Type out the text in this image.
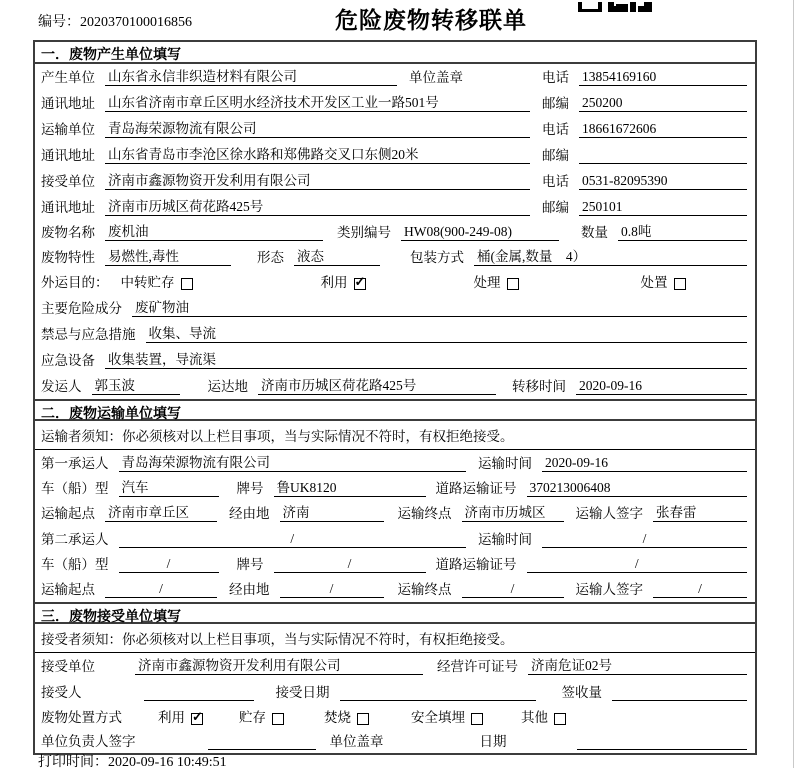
编号：2020370100016856	危险废物转移联单
一．废物产生单位填写
产生单位 山东省永信非织造材料有限公司	单位盖章	电话 13854169160
通讯地址 山东省济南市章丘区明水经济技术开发区工业一路501号	邮编 250200
运输单位 青岛海荣源物流有限公司	电话 18661672606
通讯地址 山东省青岛市李沧区徐水路和郑佛路交叉口东侧20米	邮编
接受单位 济南市鑫源物资开发利用有限公司	电话 0531-82095390
通讯地址 济南市历城区荷花路425号	邮编 250101
废物名称 废机油	类别编号 HW08(900-249-08)	数量 0.8吨
废物特性 易燃性,毒性	形态 液态	包装方式 桶(金属,数量　4）
外运目的： 中转贮存	利用 ✓	处理	处置
主要危险成分 废矿物油
禁忌与应急措施 收集、导流
应急设备 收集装置，导流渠
发运人 郭玉波	运达地 济南市历城区荷花路425号	转移时间 2020-09-16
二．废物运输单位填写
运输者须知：你必须核对以上栏目事项，当与实际情况不符时，有权拒绝接受。
第一承运人 青岛海荣源物流有限公司	运输时间 2020-09-16
车（船）型 汽车	牌号 鲁UK8120	道路运输证号 370213006408
运输起点 济南市章丘区	经由地 济南	运输终点 济南市历城区	运输人签字 张春雷
第二承运人	/	运输时间	/
车（船）型	/	牌号	/	道路运输证号	/
运输起点	/	经由地	/	运输终点	/	运输人签字	/
三．废物接受单位填写
接受者须知：你必须核对以上栏目事项，当与实际情况不符时，有权拒绝接受。
接受单位	济南市鑫源物资开发利用有限公司	经营许可证号 济南危证02号
接受人	接受日期	签收量
废物处置方式	利用 ✓	贮存	焚烧	安全填埋	其他
单位负责人签字	单位盖章	日期
打印时间：2020-09-16 10:49:51
